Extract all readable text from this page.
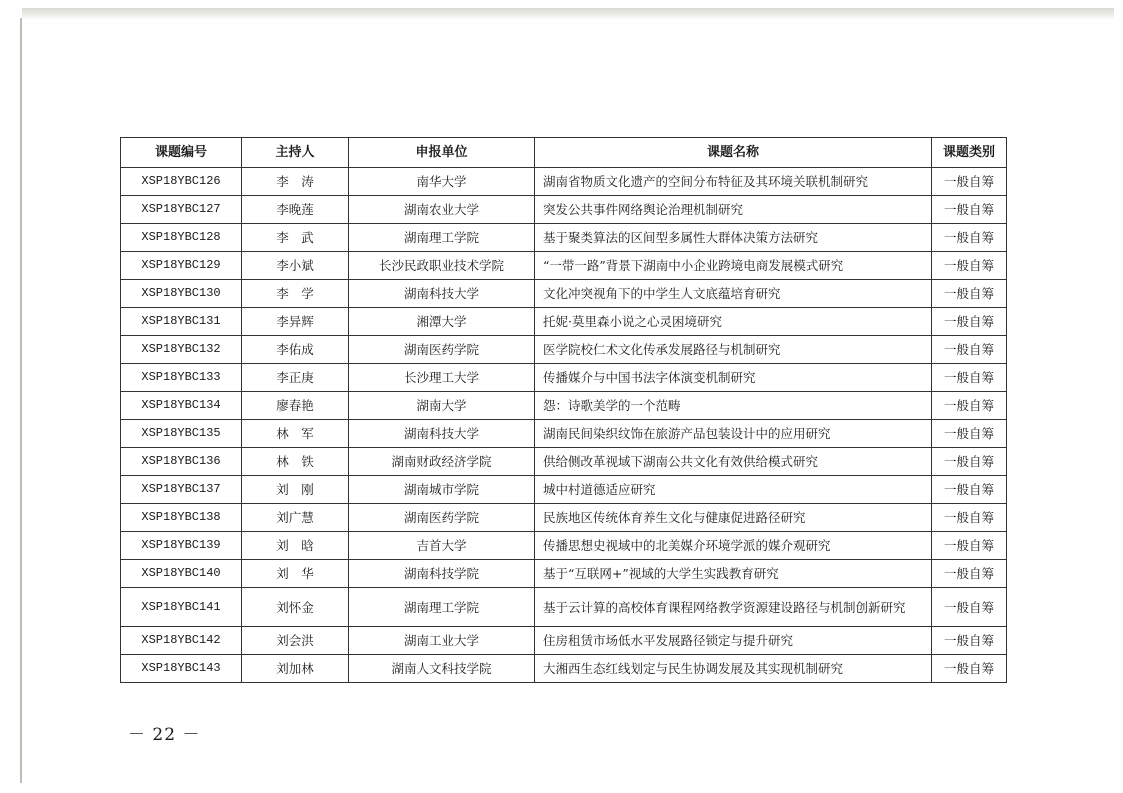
课题编号	主持人	申报单位	课题名称	课题类别
XSP18YBC126	李　涛	南华大学	湖南省物质文化遗产的空间分布特征及其环境关联机制研究	一般自筹
XSP18YBC127	李晚莲	湖南农业大学	突发公共事件网络舆论治理机制研究	一般自筹
XSP18YBC128	李　武	湖南理工学院	基于聚类算法的区间型多属性大群体决策方法研究	一般自筹
XSP18YBC129	李小斌	长沙民政职业技术学院	“一带一路”背景下湖南中小企业跨境电商发展模式研究	一般自筹
XSP18YBC130	李　学	湖南科技大学	文化冲突视角下的中学生人文底蕴培育研究	一般自筹
XSP18YBC131	李异辉	湘潭大学	托妮·莫里森小说之心灵困境研究	一般自筹
XSP18YBC132	李佑成	湖南医药学院	医学院校仁术文化传承发展路径与机制研究	一般自筹
XSP18YBC133	李正庚	长沙理工大学	传播媒介与中国书法字体演变机制研究	一般自筹
XSP18YBC134	廖春艳	湖南大学	怨：诗歌美学的一个范畴	一般自筹
XSP18YBC135	林　军	湖南科技大学	湖南民间染织纹饰在旅游产品包装设计中的应用研究	一般自筹
XSP18YBC136	林　铁	湖南财政经济学院	供给侧改革视域下湖南公共文化有效供给模式研究	一般自筹
XSP18YBC137	刘　刚	湖南城市学院	城中村道德适应研究	一般自筹
XSP18YBC138	刘广慧	湖南医药学院	民族地区传统体育养生文化与健康促进路径研究	一般自筹
XSP18YBC139	刘　晗	吉首大学	传播思想史视域中的北美媒介环境学派的媒介观研究	一般自筹
XSP18YBC140	刘　华	湖南科技学院	基于“互联网+”视域的大学生实践教育研究	一般自筹
XSP18YBC141	刘怀金	湖南理工学院	基于云计算的高校体育课程网络教学资源建设路径与机制创新研究	一般自筹
XSP18YBC142	刘会洪	湖南工业大学	住房租赁市场低水平发展路径锁定与提升研究	一般自筹
XSP18YBC143	刘加林	湖南人文科技学院	大湘西生态红线划定与民生协调发展及其实现机制研究	一般自筹
－ 22 －
